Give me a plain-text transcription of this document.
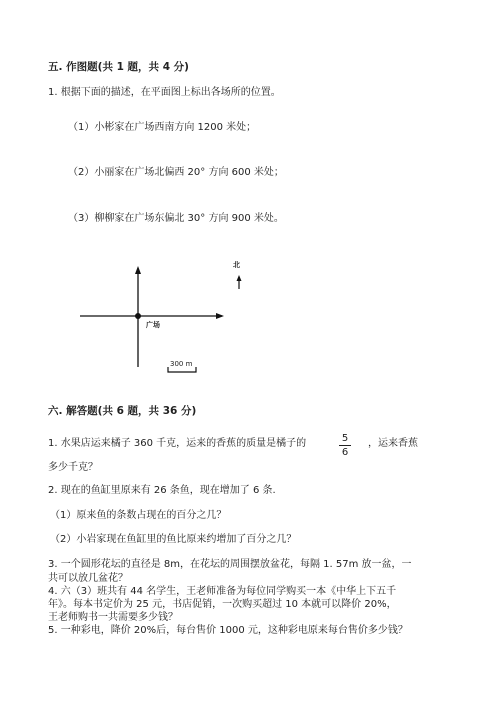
五. 作图题(共 1 题，共 4 分)
1. 根据下面的描述，在平面图上标出各场所的位置。
（1）小彬家在广场西南方向 1200 米处；
（2）小丽家在广场北偏西 20° 方向 600 米处；
（3）柳柳家在广场东偏北 30° 方向 900 米处。
北
广场
300 m
六. 解答题(共 6 题，共 36 分)
1. 水果店运来橘子 360 千克，运来的香蕉的质量是橘子的	5
6
，运来香蕉
多少千克？
2. 现在的鱼缸里原来有 26 条鱼，现在增加了 6 条.
（1）原来鱼的条数占现在的百分之几？
（2）小岩家现在鱼缸里的鱼比原来约增加了百分之几？
3. 一个圆形花坛的直径是 8m，在花坛的周围摆放盆花，每隔 1. 57m 放一盆，一
共可以放几盆花？
4. 六（3）班共有 44 名学生，王老师准备为每位同学购买一本《中华上下五千
年》。每本书定价为 25 元，书店促销，一次购买超过 10 本就可以降价 20%，
王老师购书一共需要多少钱？
5. 一种彩电，降价 20%后，每台售价 1000 元，这种彩电原来每台售价多少钱？
